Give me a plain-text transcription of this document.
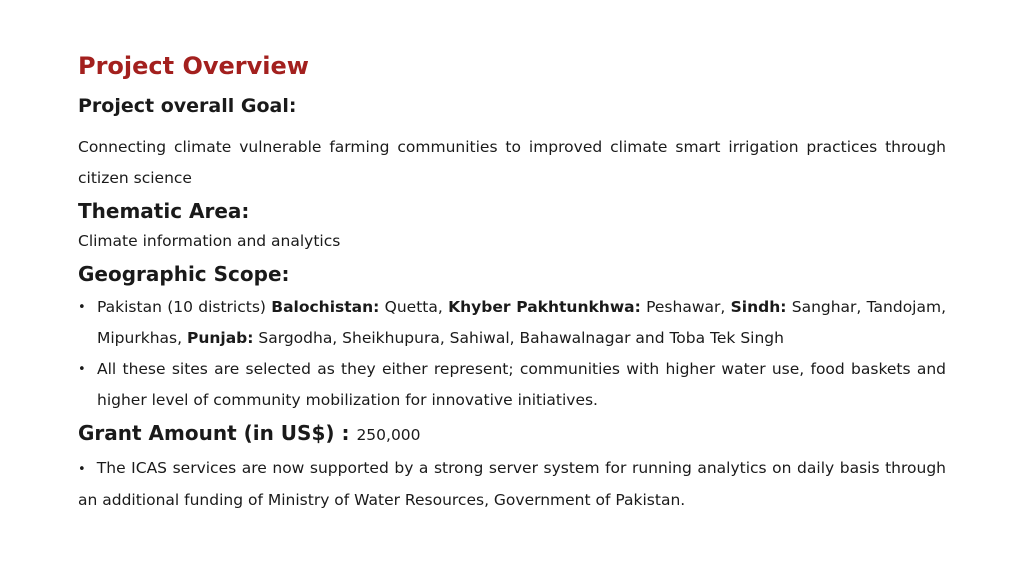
Project Overview
Project overall Goal:

Connecting climate vulnerable farming communities to improved climate smart irrigation practices through citizen science

Thematic Area:
Climate information and analytics
Geographic Scope:
• Pakistan (10 districts) Balochistan: Quetta, Khyber Pakhtunkhwa: Peshawar, Sindh: Sanghar, Tandojam, Mipurkhas, Punjab: Sargodha, Sheikhupura, Sahiwal, Bahawalnagar and Toba Tek Singh
• All these sites are selected as they either represent; communities with higher water use, food baskets and higher level of community mobilization for innovative initiatives.
Grant Amount (in US$) : 250,000

• The ICAS services are now supported by a strong server system for running analytics on daily basis through an additional funding of Ministry of Water Resources, Government of Pakistan.
